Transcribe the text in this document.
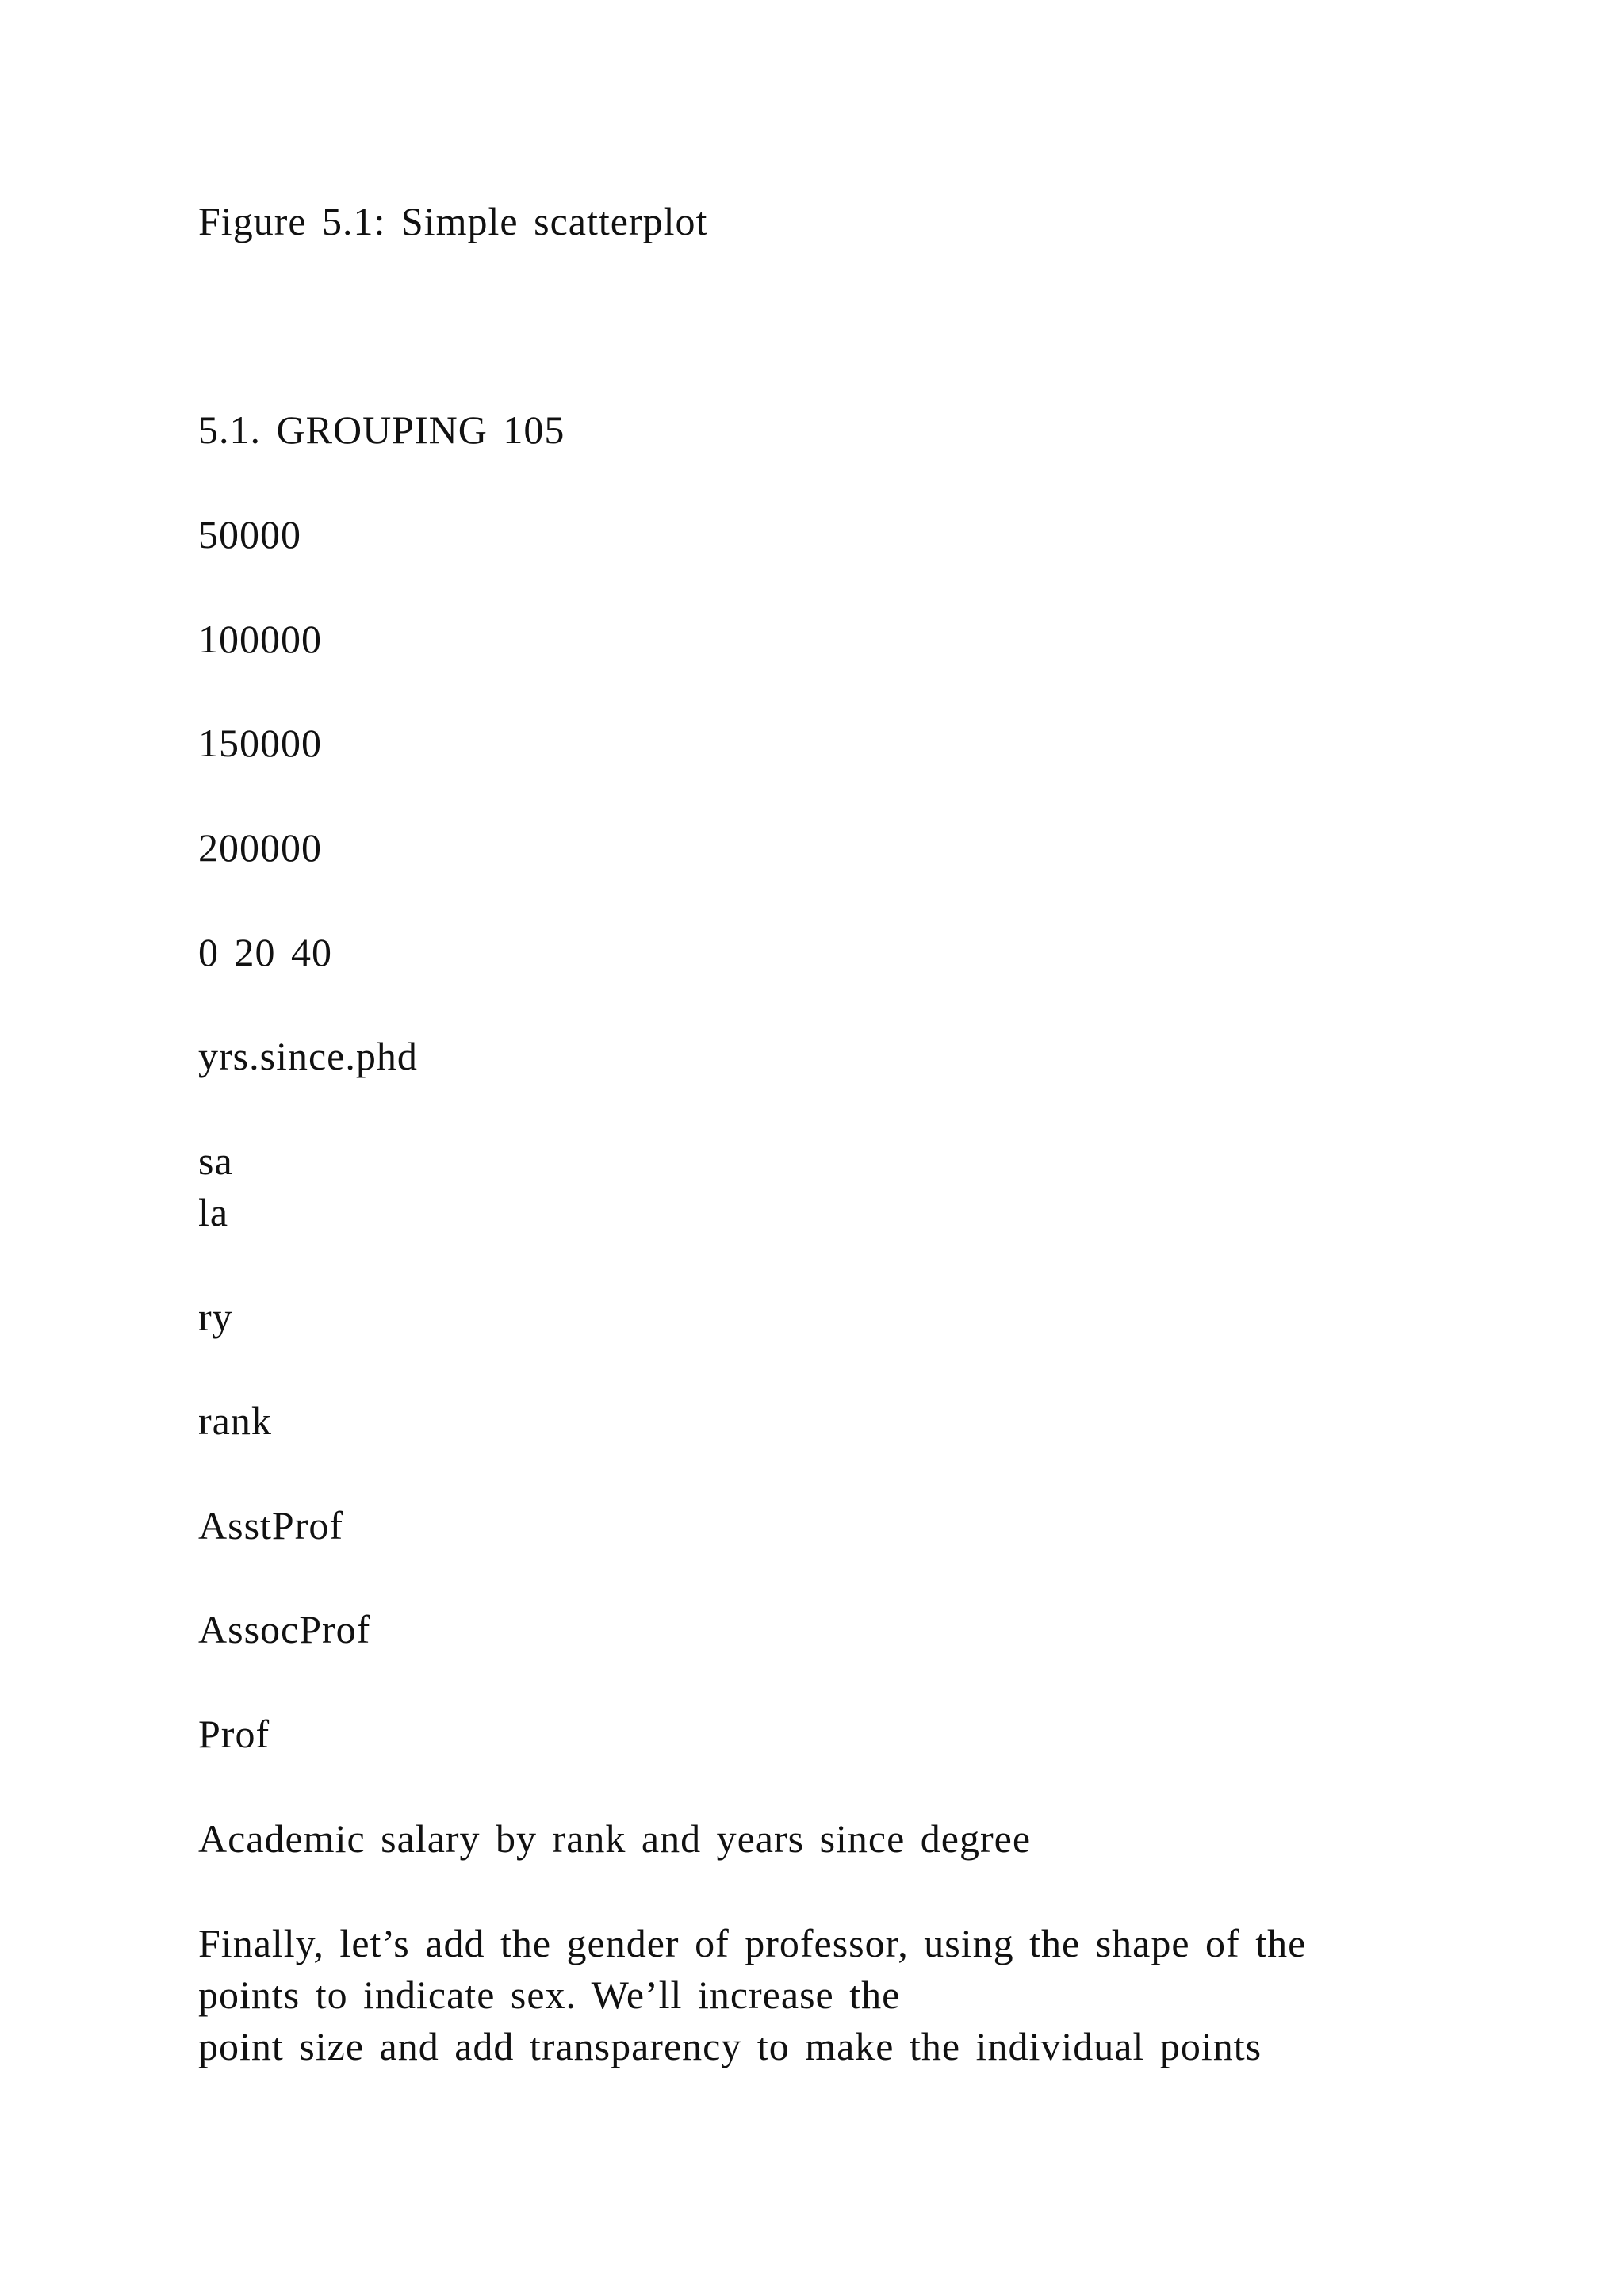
Figure 5.1: Simple scatterplot
5.1. GROUPING 105
50000
100000
150000
200000
0 20 40
yrs.since.phd
sa
la
ry
rank
AsstProf
AssocProf
Prof
Academic salary by rank and years since degree
Finally, let’s add the gender of professor, using the shape of the
points to indicate sex. We’ll increase the
point size and add transparency to make the individual points
